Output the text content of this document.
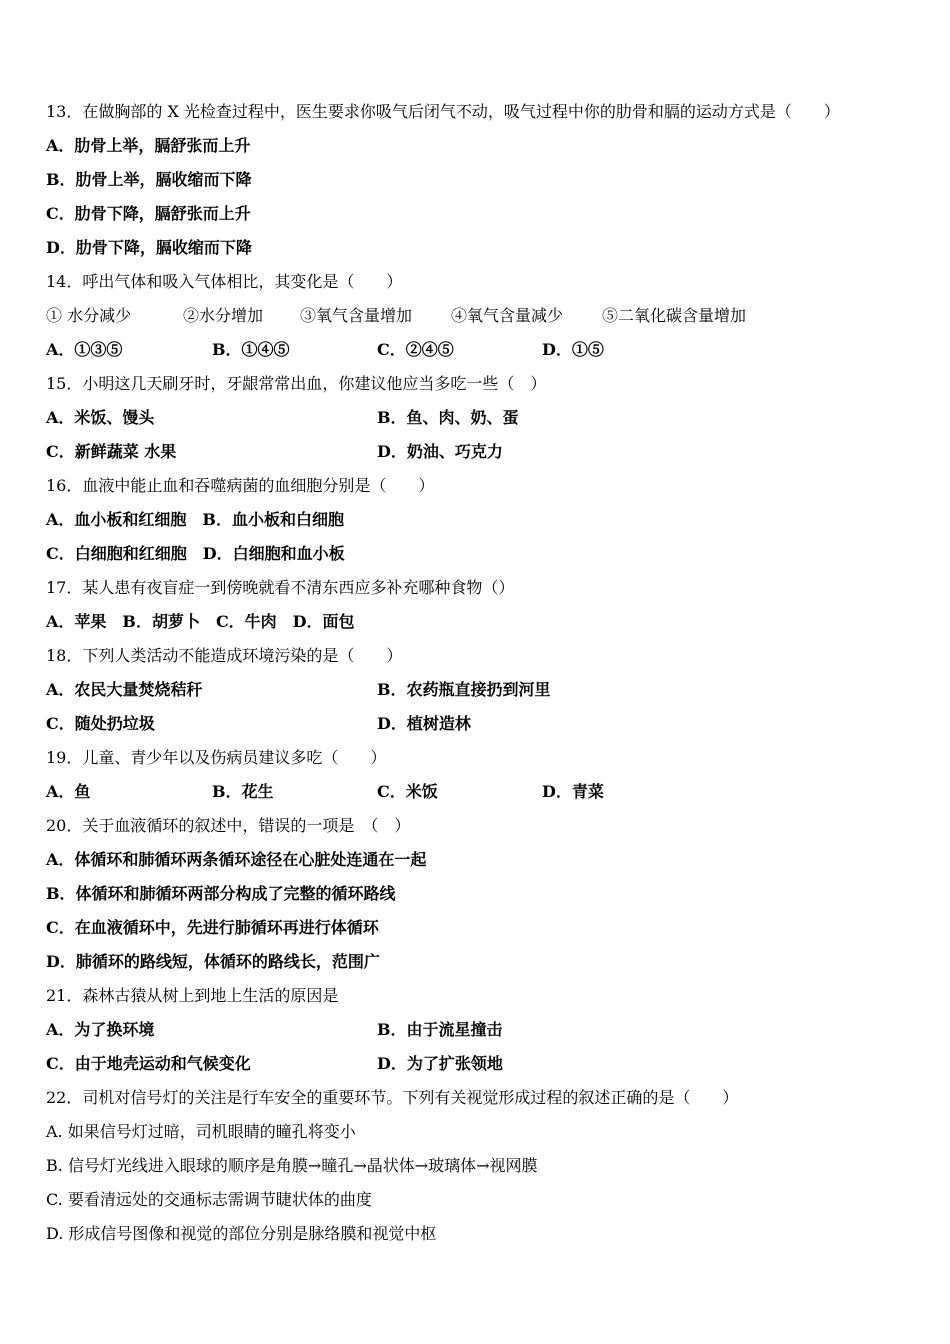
13．在做胸部的 X 光检查过程中，医生要求你吸气后闭气不动，吸气过程中你的肋骨和膈的运动方式是（　　）
A．肋骨上举，膈舒张而上升
B．肋骨上举，膈收缩而下降
C．肋骨下降，膈舒张而上升
D．肋骨下降，膈收缩而下降
14．呼出气体和吸入气体相比，其变化是（　　）
① 水分减少	②水分增加 ③氧气含量增加 ④氧气含量减少 ⑤二氧化碳含量增加
A．①③⑤	B．①④⑤	C．②④⑤	D．①⑤
15．小明这几天刷牙时，牙龈常常出血，你建议他应当多吃一些（　）
A．米饭、馒头	B．鱼、肉、奶、蛋
C．新鲜蔬菜 水果	D．奶油、巧克力
16．血液中能止血和吞噬病菌的血细胞分别是（　　）
A．血小板和红细胞　B．血小板和白细胞
C．白细胞和红细胞　D．白细胞和血小板
17．某人患有夜盲症一到傍晚就看不清东西应多补充哪种食物（）
A．苹果　B．胡萝卜　C．牛肉　D．面包
18．下列人类活动不能造成环境污染的是（　　）
A．农民大量焚烧秸秆	B．农药瓶直接扔到河里
C．随处扔垃圾	D．植树造林
19．儿童、青少年以及伤病员建议多吃（　　）
A．鱼	B．花生	C．米饭	D．青菜
20．关于血液循环的叙述中，错误的一项是　（　）
A．体循环和肺循环两条循环途径在心脏处连通在一起
B．体循环和肺循环两部分构成了完整的循环路线
C．在血液循环中，先进行肺循环再进行体循环
D．肺循环的路线短，体循环的路线长，范围广
21．森林古猿从树上到地上生活的原因是
A．为了换环境	B．由于流星撞击
C．由于地壳运动和气候变化	D．为了扩张领地
22．司机对信号灯的关注是行车安全的重要环节。下列有关视觉形成过程的叙述正确的是（　　）
A. 如果信号灯过暗，司机眼睛的瞳孔将变小
B. 信号灯光线进入眼球的顺序是角膜→瞳孔→晶状体→玻璃体→视网膜
C. 要看清远处的交通标志需调节睫状体的曲度
D. 形成信号图像和视觉的部位分别是脉络膜和视觉中枢
